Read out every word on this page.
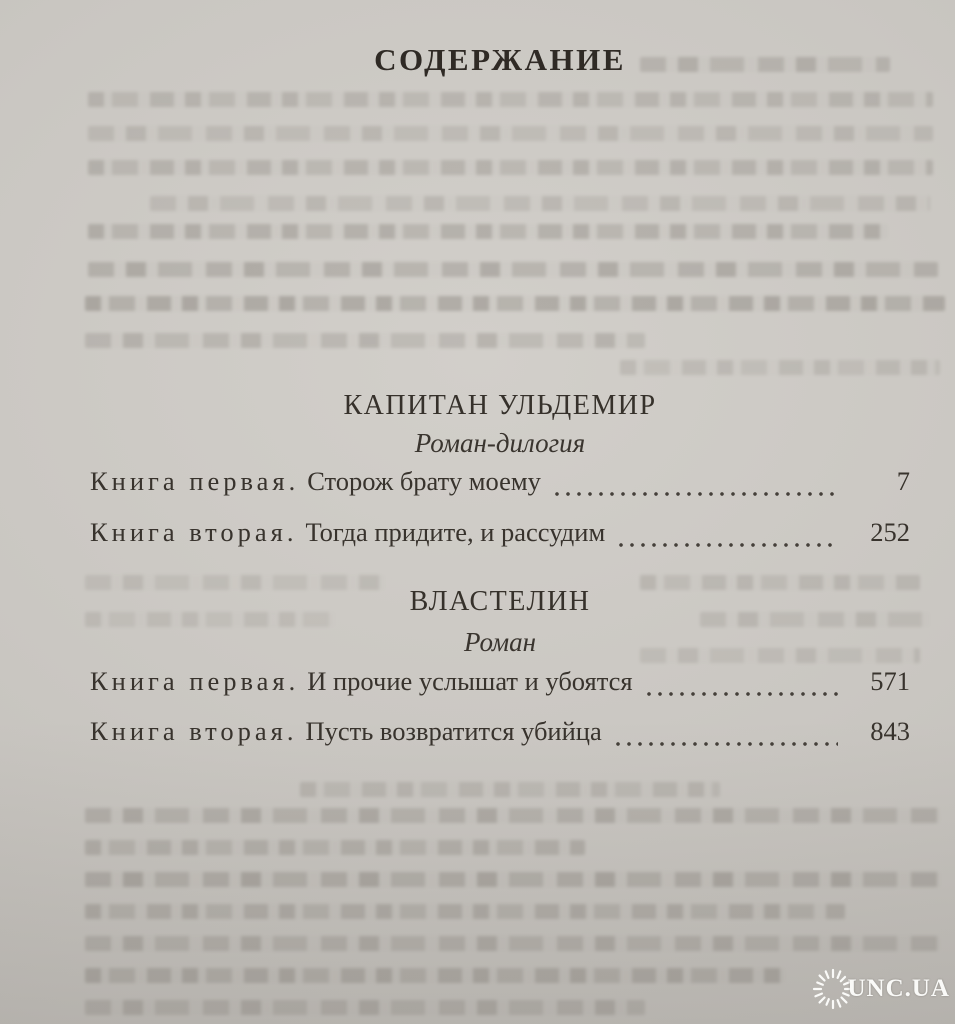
СОДЕРЖАНИЕ
КАПИТАН УЛЬДЕМИР
Роман-дилогия
Книга первая. Сторож брату моему	7
Книга вторая. Тогда придите, и рассудим	252
ВЛАСТЕЛИН
Роман
Книга первая. И прочие услышат и убоятся	571
Книга вторая. Пусть возвратится убийца	843
UNC.UA
